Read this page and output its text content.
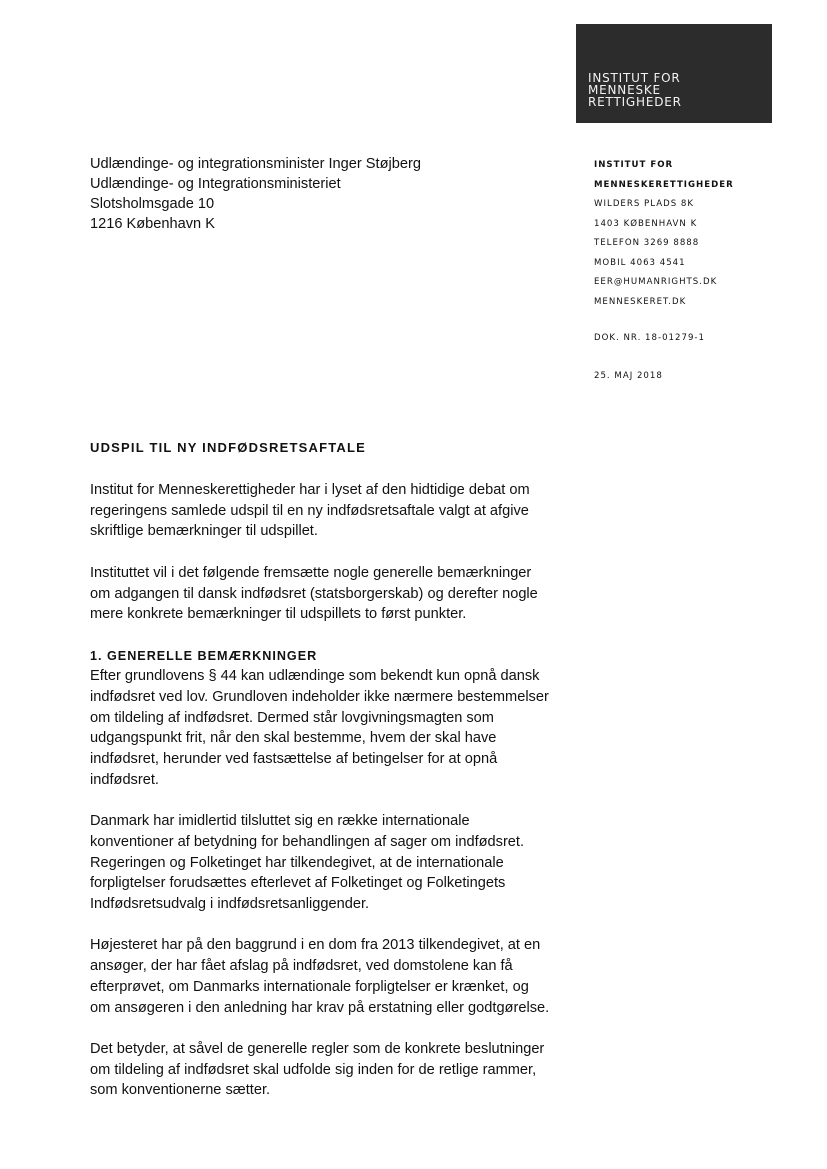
INSTITUT FOR
MENNESKE
RETTIGHEDER
Udlændinge- og integrationsminister Inger Støjberg
Udlændinge- og Integrationsministeriet
Slotsholmsgade 10
1216 København K
INSTITUT FOR
MENNESKERETTIGHEDER
WILDERS PLADS 8K
1403 KØBENHAVN K
TELEFON 3269 8888
MOBIL 4063 4541
EER@HUMANRIGHTS.DK
MENNESKERET.DK
DOK. NR. 18-01279-1
25. MAJ 2018
UDSPIL TIL NY INDFØDSRETSAFTALE

Institut for Menneskerettigheder har i lyset af den hidtidige debat om
regeringens samlede udspil til en ny indfødsretsaftale valgt at afgive
skriftlige bemærkninger til udspillet.

Instituttet vil i det følgende fremsætte nogle generelle bemærkninger
om adgangen til dansk indfødsret (statsborgerskab) og derefter nogle
mere konkrete bemærkninger til udspillets to først punkter.

1. GENERELLE BEMÆRKNINGER
Efter grundlovens § 44 kan udlændinge som bekendt kun opnå dansk
indfødsret ved lov. Grundloven indeholder ikke nærmere bestemmelser
om tildeling af indfødsret. Dermed står lovgivningsmagten som
udgangspunkt frit, når den skal bestemme, hvem der skal have
indfødsret, herunder ved fastsættelse af betingelser for at opnå
indfødsret.

Danmark har imidlertid tilsluttet sig en række internationale
konventioner af betydning for behandlingen af sager om indfødsret.
Regeringen og Folketinget har tilkendegivet, at de internationale
forpligtelser forudsættes efterlevet af Folketinget og Folketingets
Indfødsretsudvalg i indfødsretsanliggender.

Højesteret har på den baggrund i en dom fra 2013 tilkendegivet, at en
ansøger, der har fået afslag på indfødsret, ved domstolene kan få
efterprøvet, om Danmarks internationale forpligtelser er krænket, og
om ansøgeren i den anledning har krav på erstatning eller godtgørelse.

Det betyder, at såvel de generelle regler som de konkrete beslutninger
om tildeling af indfødsret skal udfolde sig inden for de retlige rammer,
som konventionerne sætter.
